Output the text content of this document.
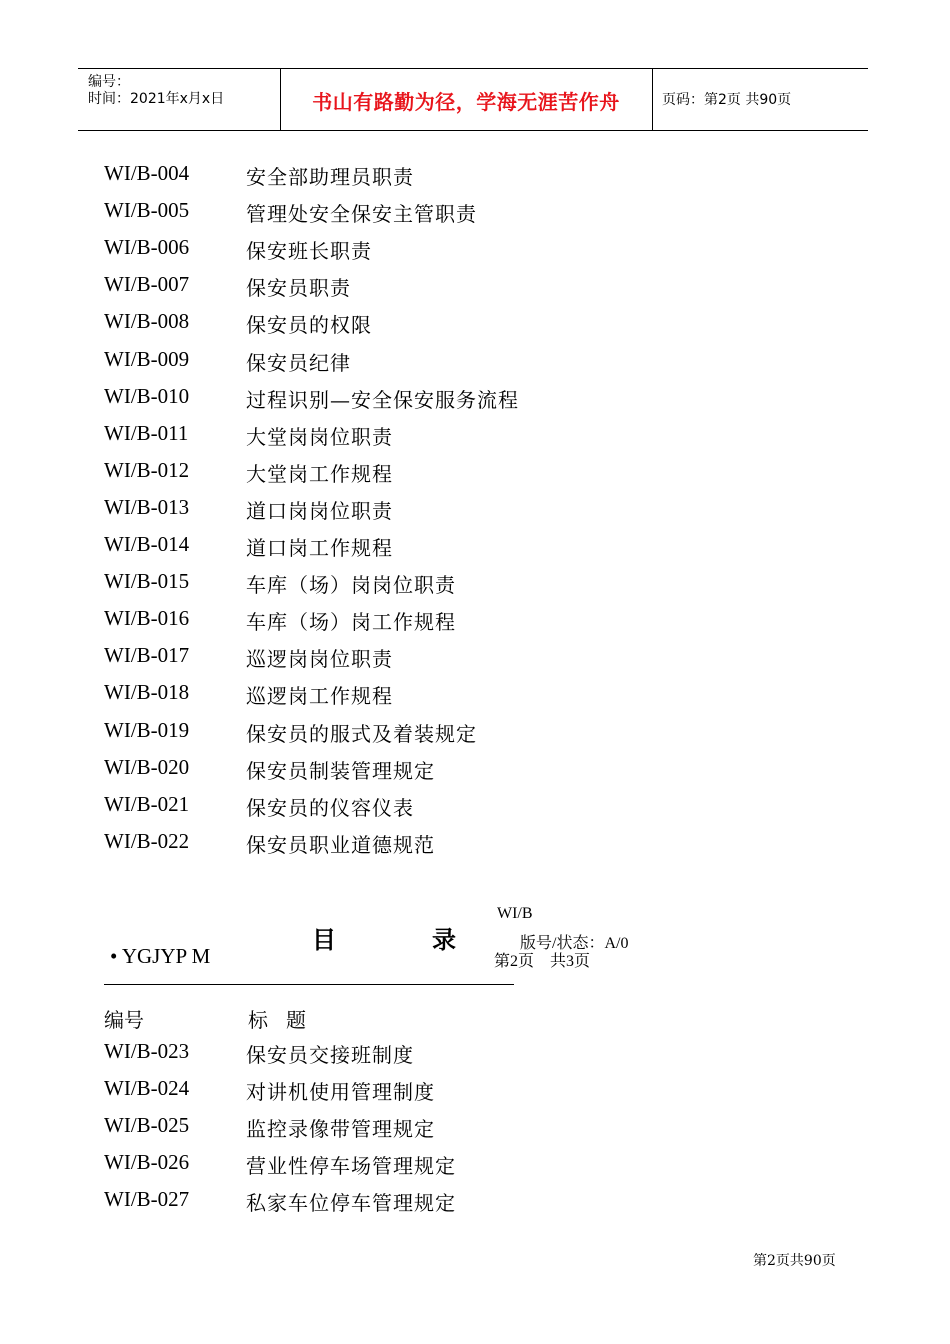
编号：
时间：2021年x月x日	书山有路勤为径，学海无涯苦作舟	页码：第2页 共90页
WI/B-004	安全部助理员职责
WI/B-005	管理处安全保安主管职责
WI/B-006	保安班长职责
WI/B-007	保安员职责
WI/B-008	保安员的权限
WI/B-009	保安员纪律
WI/B-010	过程识别—安全保安服务流程
WI/B-011	大堂岗岗位职责
WI/B-012	大堂岗工作规程
WI/B-013	道口岗岗位职责
WI/B-014	道口岗工作规程
WI/B-015	车库（场）岗岗位职责
WI/B-016	车库（场）岗工作规程
WI/B-017	巡逻岗岗位职责
WI/B-018	巡逻岗工作规程
WI/B-019	保安员的服式及着装规定
WI/B-020	保安员制装管理规定
WI/B-021	保安员的仪容仪表
WI/B-022	保安员职业道德规范
WI/B
版号/状态：A/0
第2页　共3页
目	录
• YGJYP M
编号	标题
WI/B-023	保安员交接班制度
WI/B-024	对讲机使用管理制度
WI/B-025	监控录像带管理规定
WI/B-026	营业性停车场管理规定
WI/B-027	私家车位停车管理规定
第2页共90页
